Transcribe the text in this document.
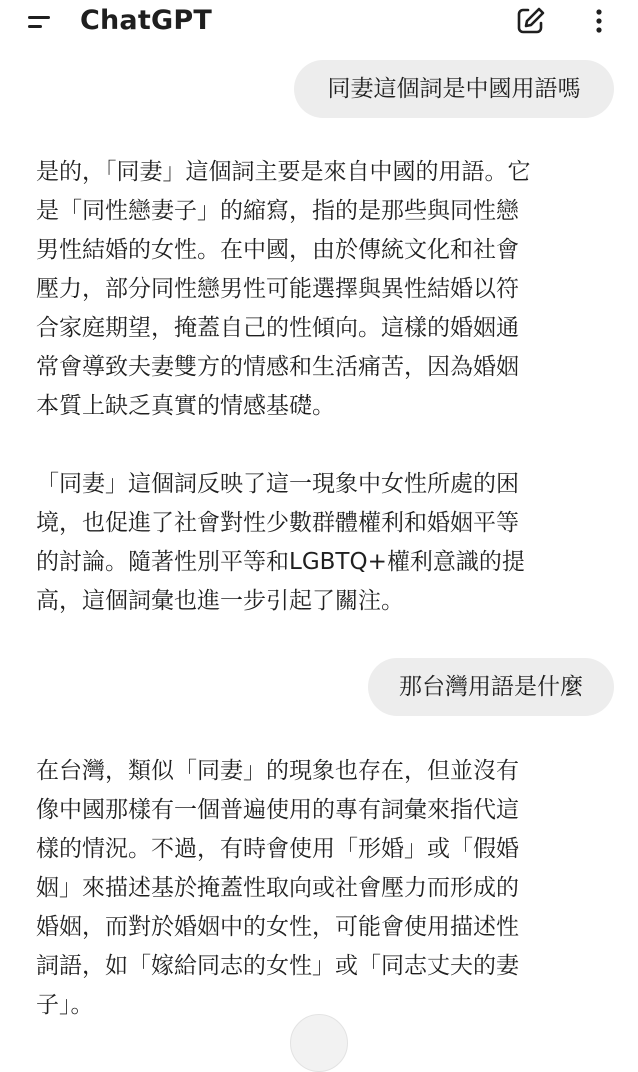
ChatGPT
同妻這個詞是中國用語嗎

是的，「同妻」這個詞主要是來自中國的用語。它
是「同性戀妻子」的縮寫，指的是那些與同性戀
男性結婚的女性。在中國，由於傳統文化和社會
壓力，部分同性戀男性可能選擇與異性結婚以符
合家庭期望，掩蓋自己的性傾向。這樣的婚姻通
常會導致夫妻雙方的情感和生活痛苦，因為婚姻
本質上缺乏真實的情感基礎。

「同妻」這個詞反映了這一現象中女性所處的困
境，也促進了社會對性少數群體權利和婚姻平等
的討論。隨著性別平等和LGBTQ+權利意識的提
高，這個詞彙也進一步引起了關注。

那台灣用語是什麼

在台灣，類似「同妻」的現象也存在，但並沒有
像中國那樣有一個普遍使用的專有詞彙來指代這
樣的情況。不過，有時會使用「形婚」或「假婚
姻」來描述基於掩蓋性取向或社會壓力而形成的
婚姻，而對於婚姻中的女性，可能會使用描述性
詞語，如「嫁給同志的女性」或「同志丈夫的妻
子」。
